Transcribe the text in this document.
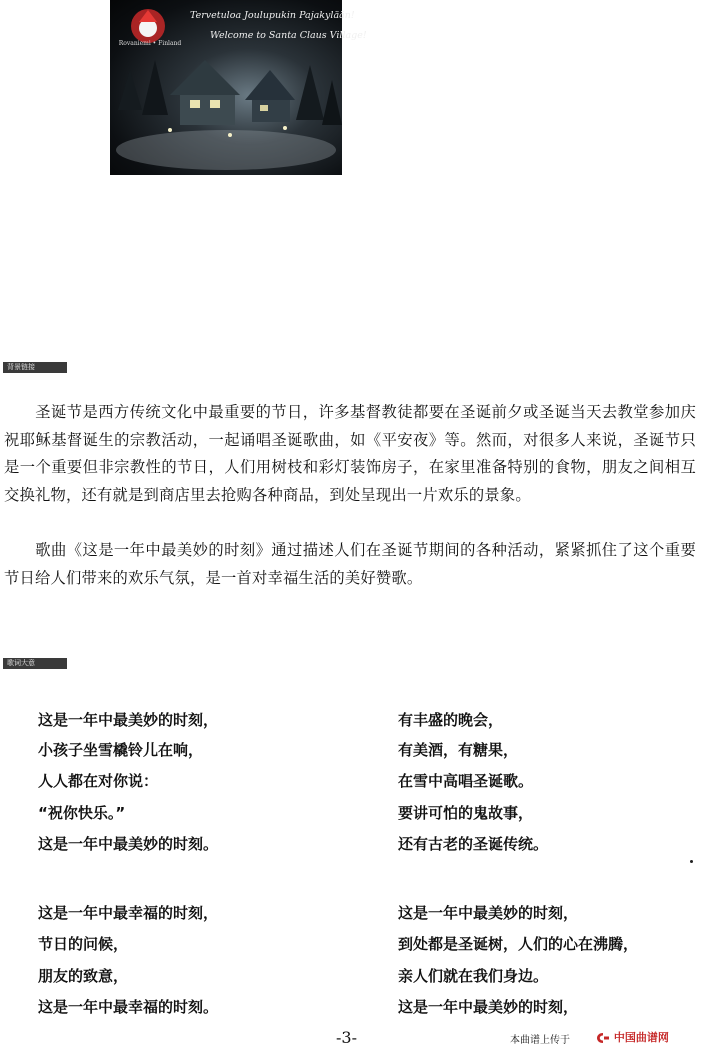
Rovaniemi • Finland
Tervetuloa Joulupukin Pajakylään!
Welcome to Santa Claus Village!
背景链接

圣诞节是西方传统文化中最重要的节日，许多基督教徒都要在圣诞前夕或圣诞当天去教堂参加庆祝耶稣基督诞生的宗教活动，一起诵唱圣诞歌曲，如《平安夜》等。然而，对很多人来说，圣诞节只是一个重要但非宗教性的节日，人们用树枝和彩灯装饰房子，在家里准备特别的食物，朋友之间相互交换礼物，还有就是到商店里去抢购各种商品，到处呈现出一片欢乐的景象。

歌曲《这是一年中最美妙的时刻》通过描述人们在圣诞节期间的各种活动，紧紧抓住了这个重要节日给人们带来的欢乐气氛，是一首对幸福生活的美好赞歌。

歌词大意
这是一年中最美妙的时刻，
小孩子坐雪橇铃儿在响，
人人都在对你说：
“祝你快乐。”
这是一年中最美妙的时刻。
这是一年中最幸福的时刻，
节日的问候，
朋友的致意，
这是一年中最幸福的时刻。
有丰盛的晚会，
有美酒，有糖果，
在雪中高唱圣诞歌。
要讲可怕的鬼故事，
还有古老的圣诞传统。
这是一年中最美妙的时刻，
到处都是圣诞树，人们的心在沸腾，
亲人们就在我们身边。
这是一年中最美妙的时刻，
-3-	本曲谱上传于	中国曲谱网
